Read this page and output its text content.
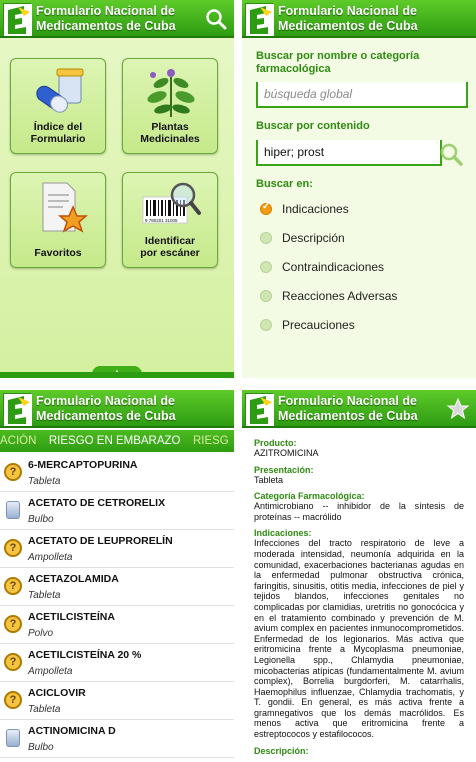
Formulario Nacional de
Medicamentos de Cuba
Índice del
Formulario
Plantas
Medicinales
Favoritos
9 780201 31005
Identificar
por escáner
Formulario Nacional de
Medicamentos de Cuba
Buscar por nombre o categoría farmacológica
búsqueda global
Buscar por contenido
hiper; prost
Buscar en:
✓
Indicaciones
Descripción
Contraindicaciones
Reacciones Adversas
Precauciones
Formulario Nacional de
Medicamentos de Cuba
ACIÓN RIESGO EN EMBARAZO RIESG
?
6-MERCAPTOPURINA
Tableta
ACETATO DE CETRORELIX
Bulbo
?
ACETATO DE LEUPRORELÍN
Ampolleta
?
ACETAZOLAMIDA
Tableta
?
ACETILCISTEÍNA
Polvo
?
ACETILCISTEÍNA 20 %
Ampolleta
?
ACICLOVIR
Tableta
ACTINOMICINA D
Bulbo
Formulario Nacional de
Medicamentos de Cuba
Producto:
AZITROMICINA
Presentación:
Tableta
Categoría Farmacológica:
Antimicrobiano -- inhibidor de la síntesis de proteínas -- macrólido
Indicaciones:
Infecciones del tracto respiratorio de leve a moderada intensidad, neumonía adquirida en la comunidad, exacerbaciones bacterianas agudas en la enfermedad pulmonar obstructiva crónica, faringitis, sinusitis, otitis media, infecciones de piel y tejidos blandos, infecciones genitales no complicadas por clamidias, uretritis no gonocócica y en el tratamiento combinado y prevención de M. avium complex en pacientes inmunocomprometidos. Enfermedad de los legionarios. Más activa que eritromicina frente a Mycoplasma pneumoniae, Legionella spp., Chlamydia pneumoniae, micobacterias atípicas (fundamentalmente M. avium complex), Borrelia burgdorferi, M. catarrhalis, Haemophilus influenzae, Chlamydia trachomatis, y T. gondii. En general, es más activa frente a gramnegativos que los demás macrólidos. Es menos activa que eritromicina frente a estreptococos y estafilococos.
Descripción:
